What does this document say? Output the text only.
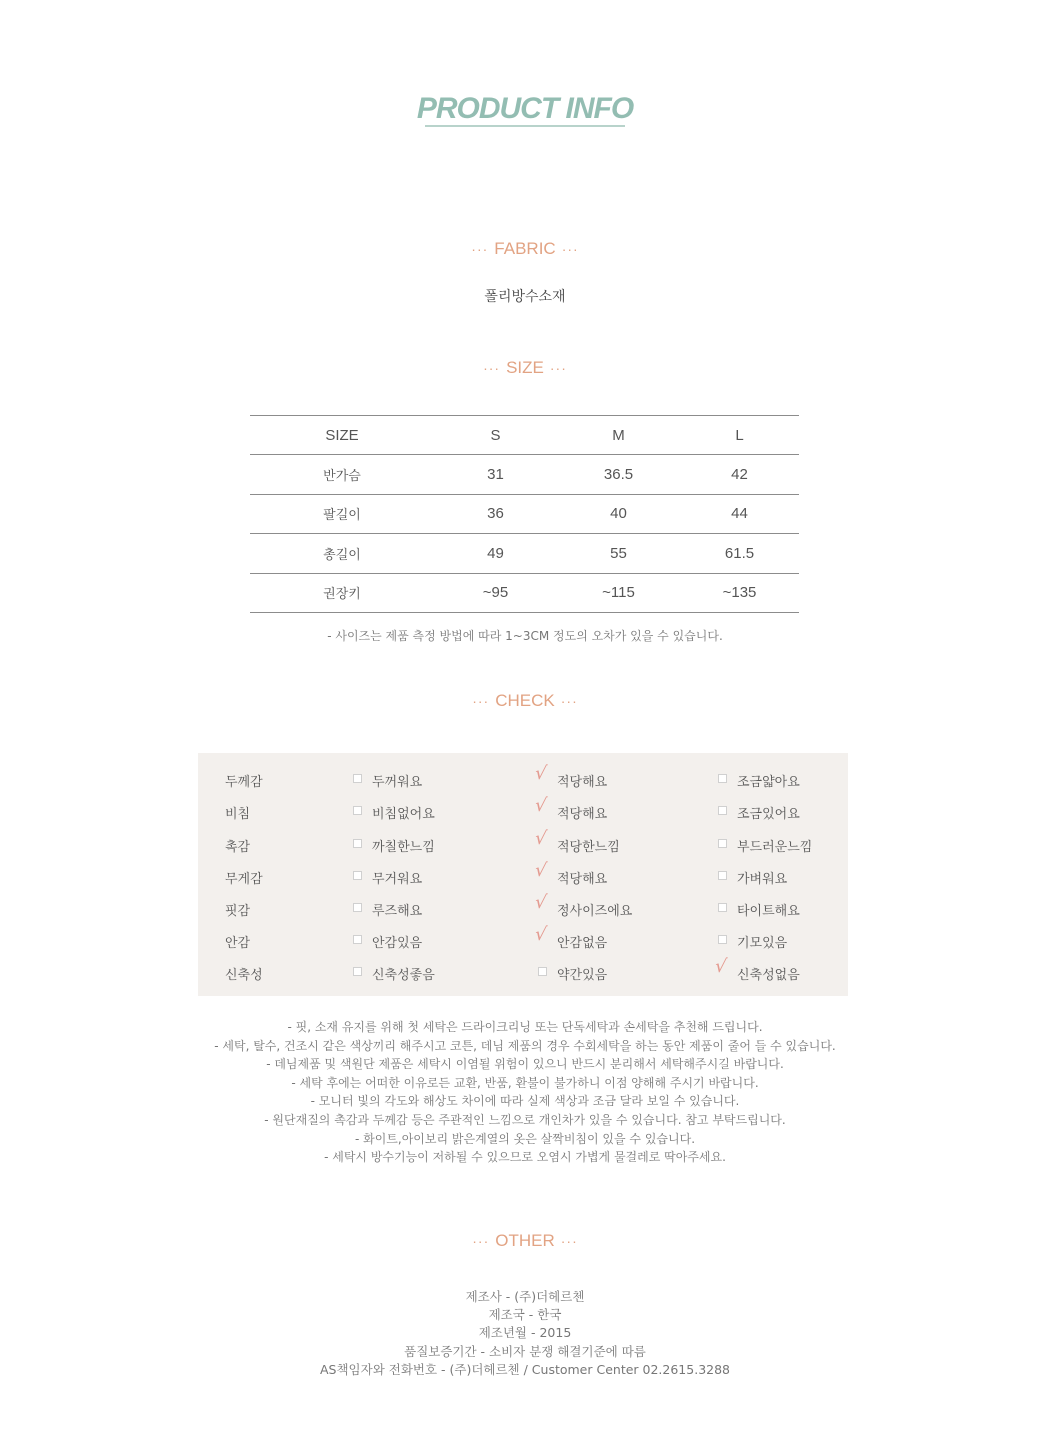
PRODUCT INFO
··· FABRIC ···
폴리방수소재
··· SIZE ···
SIZE	S	M	L
반가슴	31	36.5	42
팔길이	36	40	44
총길이	49	55	61.5
권장키	~95	~115	~135
- 사이즈는 제품 측정 방법에 따라 1~3CM 정도의 오차가 있을 수 있습니다.
··· CHECK ···
두께감	두꺼워요	√ 적당해요	조금얇아요
비침	비침없어요	√ 적당해요	조금있어요
촉감	까칠한느낌	√ 적당한느낌	부드러운느낌
무게감	무거워요	√ 적당해요	가벼워요
핏감	루즈해요	√ 정사이즈에요	타이트해요
안감	안감있음	√ 안감없음	기모있음
신축성	신축성좋음	약간있음	√ 신축성없음
- 핏, 소재 유지를 위해 첫 세탁은 드라이크리닝 또는 단독세탁과 손세탁을 추천해 드립니다.
- 세탁, 탈수, 건조시 같은 색상끼리 해주시고 코튼, 데님 제품의 경우 수회세탁을 하는 동안 제품이 줄어 들 수 있습니다.
- 데님제품 및 색원단 제품은 세탁시 이염될 위험이 있으니 반드시 분리해서 세탁해주시길 바랍니다.
- 세탁 후에는 어떠한 이유로든 교환, 반품, 환불이 불가하니 이점 양해해 주시기 바랍니다.
- 모니터 빛의 각도와 해상도 차이에 따라 실제 색상과 조금 달라 보일 수 있습니다.
- 원단재질의 촉감과 두께감 등은 주관적인 느낌으로 개인차가 있을 수 있습니다. 참고 부탁드립니다.
- 화이트,아이보리 밝은계열의 옷은 살짝비침이 있을 수 있습니다.
- 세탁시 방수기능이 저하될 수 있으므로 오염시 가볍게 물걸레로 딱아주세요.
··· OTHER ···
제조사 - (주)더헤르첸
제조국 - 한국
제조년월 - 2015
품질보증기간 - 소비자 분쟁 해결기준에 따름
AS책임자와 전화번호 - (주)더헤르첸 / Customer Center 02.2615.3288
